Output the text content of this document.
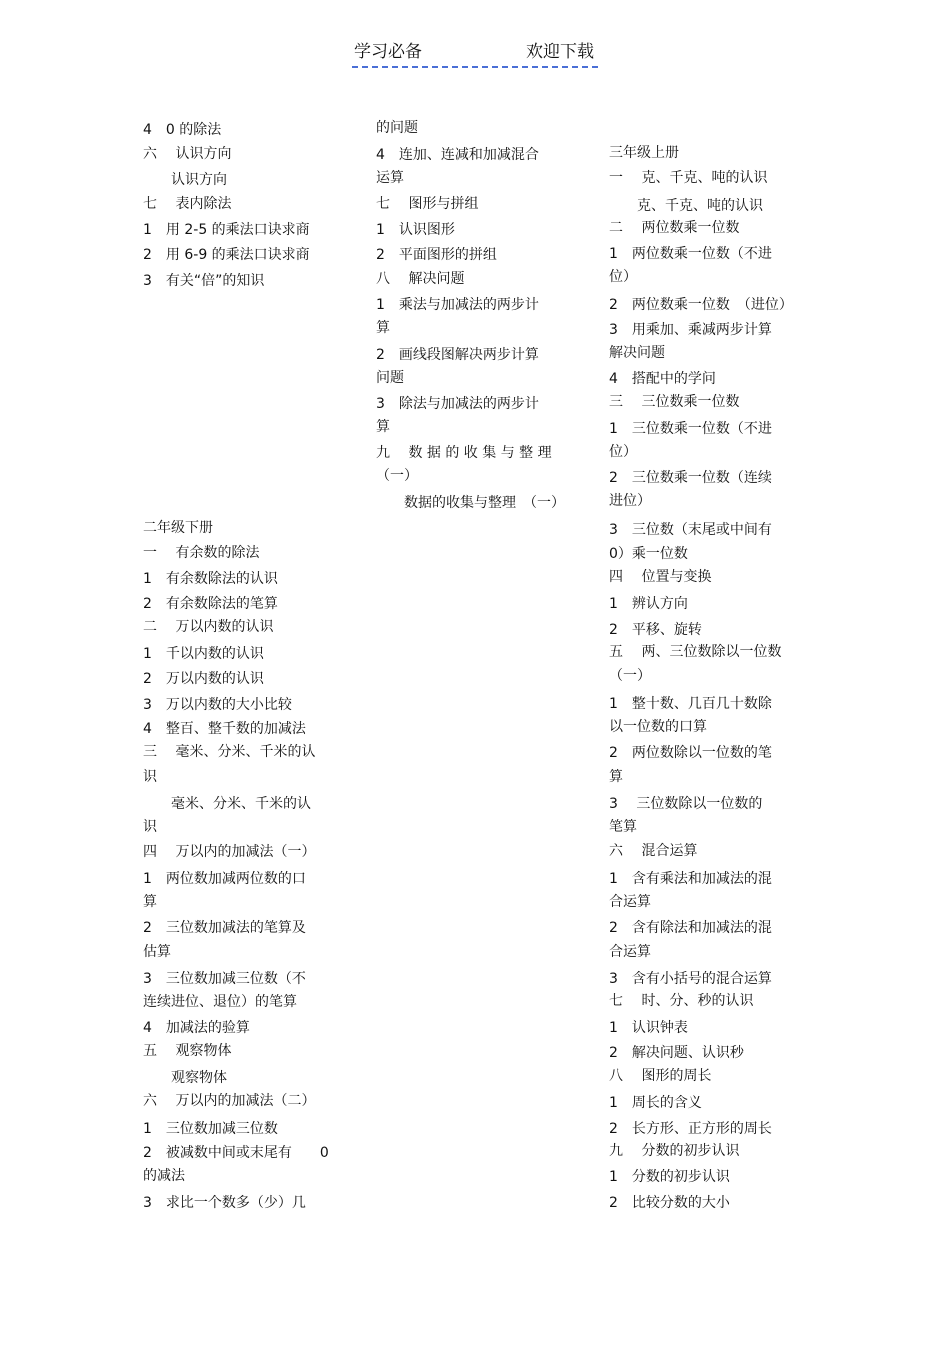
学习必备	欢迎下载
4　0 的除法
六　 认识方向
　　认识方向
七　 表内除法
1　用 2-5 的乘法口诀求商
2　用 6-9 的乘法口诀求商
3　有关“倍”的知识
二年级下册
一　 有余数的除法
1　有余数除法的认识
2　有余数除法的笔算
二　 万以内数的认识
1　千以内数的认识
2　万以内数的认识
3　万以内数的大小比较
4　整百、整千数的加减法
三　 毫米、分米、千米的认
识
　　毫米、分米、千米的认
识
四　 万以内的加减法（一）
1　两位数加减两位数的口
算
2　三位数加减法的笔算及
估算
3　三位数加减三位数（不
连续进位、退位）的笔算
4　加减法的验算
五　 观察物体
　　观察物体
六　 万以内的加减法（二）
1　三位数加减三位数
2　被减数中间或末尾有　　0
的减法
3　求比一个数多（少）几
的问题
4　连加、连减和加减混合
运算
七　 图形与拼组
1　认识图形
2　平面图形的拼组
八　 解决问题
1　乘法与加减法的两步计
算
2　画线段图解决两步计算
问题
3　除法与加减法的两步计
算
九　 数 据 的 收 集 与 整 理
（一）
　　数据的收集与整理　（一）
三年级上册
一　 克、千克、吨的认识
　　克、千克、吨的认识
二　 两位数乘一位数
1　两位数乘一位数（不进
位）
2　两位数乘一位数　（进位）
3　用乘加、乘减两步计算
解决问题
4　搭配中的学问
三　 三位数乘一位数
1　三位数乘一位数（不进
位）
2　三位数乘一位数（连续
进位）
3　三位数（末尾或中间有
0）乘一位数
四　 位置与变换
1　辨认方向
2　平移、旋转
五　 两、三位数除以一位数
（一）
1　整十数、几百几十数除
以一位数的口算
2　两位数除以一位数的笔
算
3　 三位数除以一位数的
笔算
六　 混合运算
1　含有乘法和加减法的混
合运算
2　含有除法和加减法的混
合运算
3　含有小括号的混合运算
七　 时、分、秒的认识
1　认识钟表
2　解决问题、认识秒
八　 图形的周长
1　周长的含义
2　长方形、正方形的周长
九　 分数的初步认识
1　分数的初步认识
2　比较分数的大小
